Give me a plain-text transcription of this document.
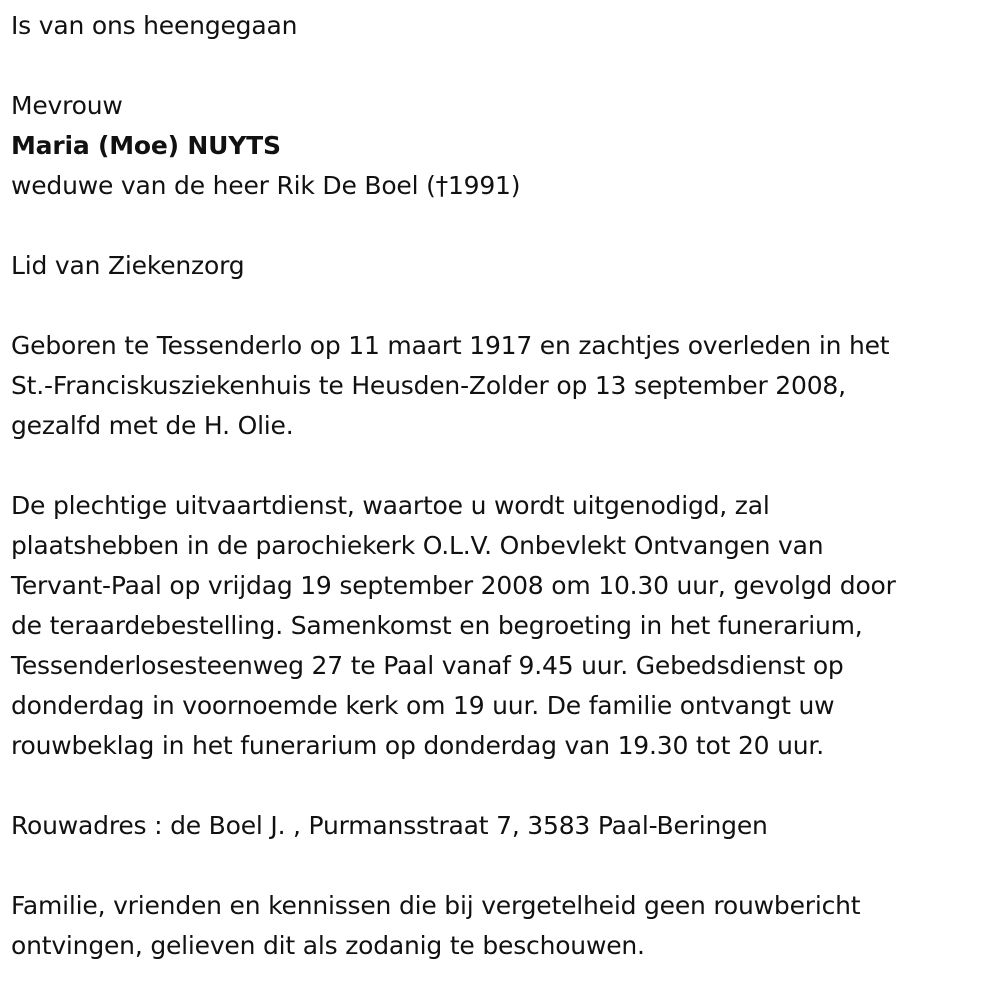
Is van ons heengegaan
Mevrouw
Maria (Moe) NUYTS
weduwe van de heer Rik De Boel (†1991)
Lid van Ziekenzorg
Geboren te Tessenderlo op 11 maart 1917 en zachtjes overleden in het
St.-Franciskusziekenhuis te Heusden-Zolder op 13 september 2008,
gezalfd met de H. Olie.
De plechtige uitvaartdienst, waartoe u wordt uitgenodigd, zal
plaatshebben in de parochiekerk O.L.V. Onbevlekt Ontvangen van
Tervant-Paal op vrijdag 19 september 2008 om 10.30 uur, gevolgd door
de teraardebestelling. Samenkomst en begroeting in het funerarium,
Tessenderlosesteenweg 27 te Paal vanaf 9.45 uur. Gebedsdienst op
donderdag in voornoemde kerk om 19 uur. De familie ontvangt uw
rouwbeklag in het funerarium op donderdag van 19.30 tot 20 uur.
Rouwadres : de Boel J. , Purmansstraat 7, 3583 Paal-Beringen
Familie, vrienden en kennissen die bij vergetelheid geen rouwbericht
ontvingen, gelieven dit als zodanig te beschouwen.
